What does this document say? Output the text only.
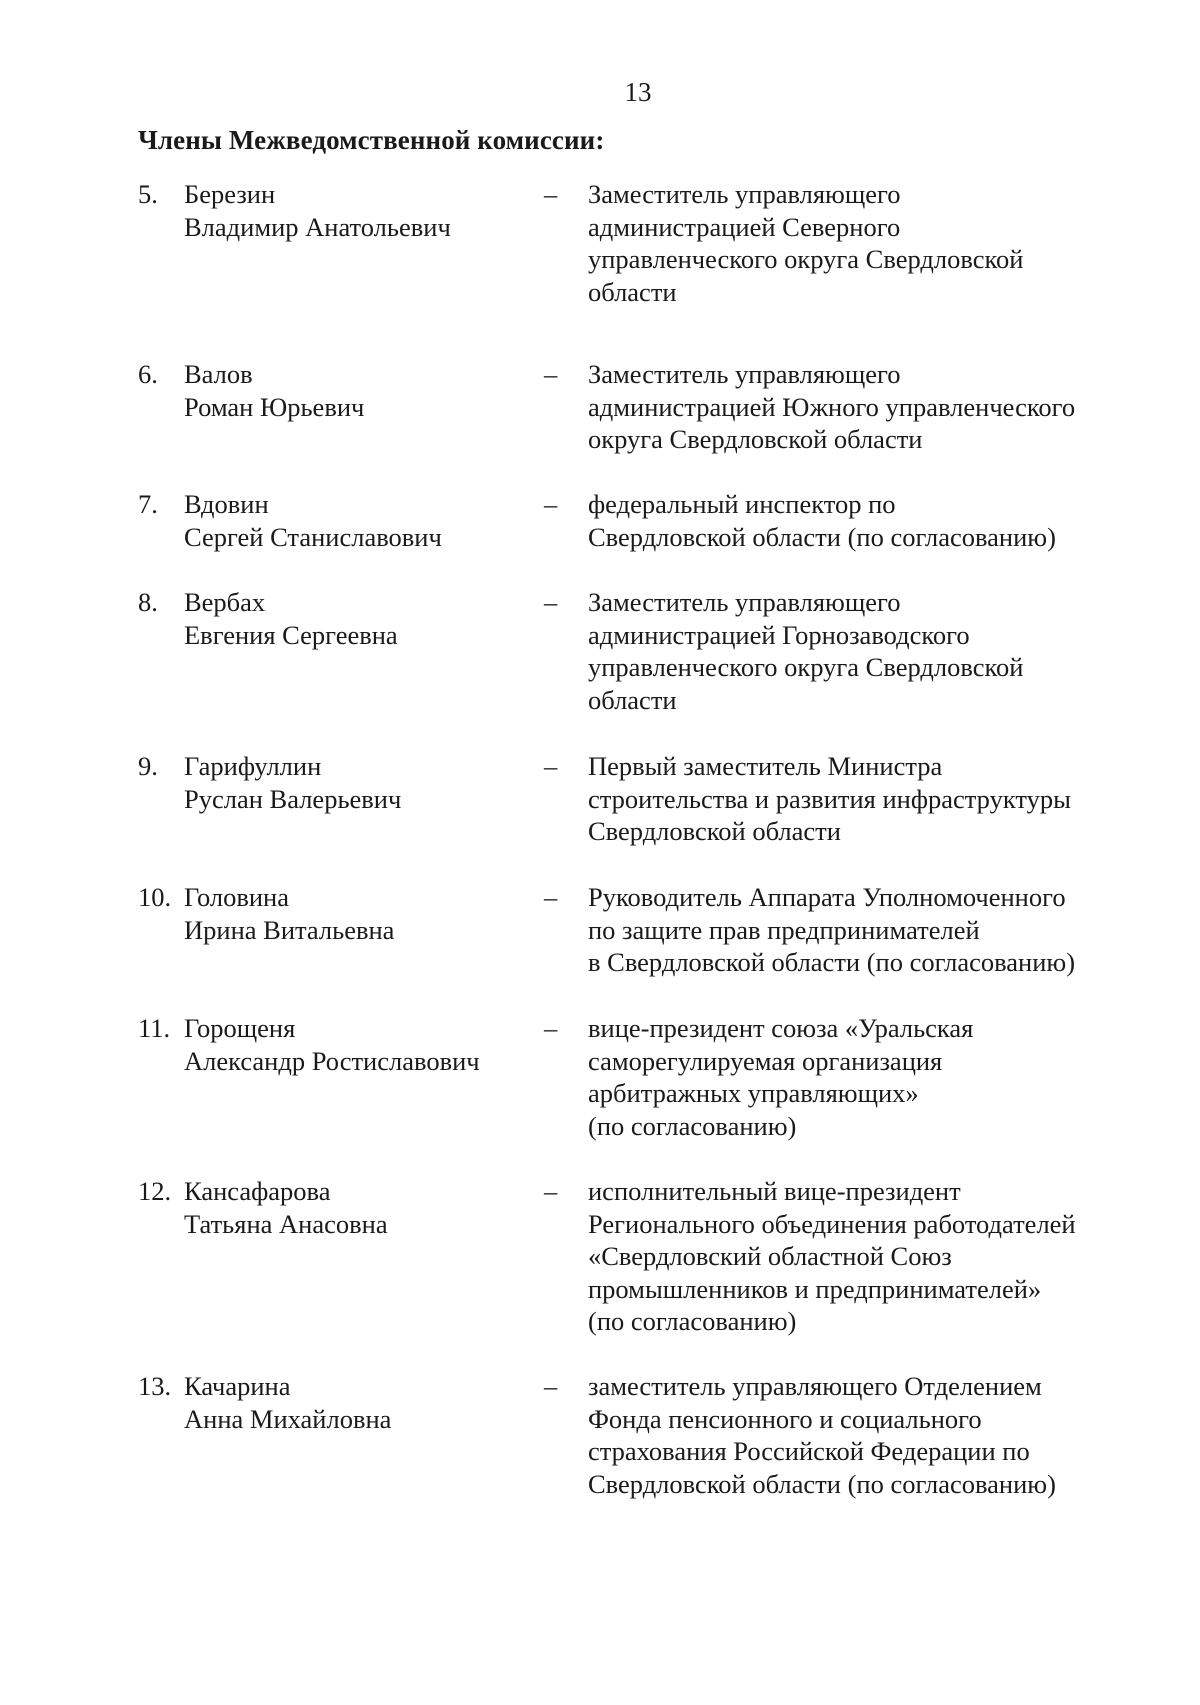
13
Члены Межведомственной комиссии:
5. Березин
Владимир Анатольевич
– Заместитель управляющего
администрацией Северного
управленческого округа Свердловской
области
6. Валов
Роман Юрьевич
– Заместитель управляющего
администрацией Южного управленческого
округа Свердловской области
7. Вдовин
Сергей Станиславович
– федеральный инспектор по
Свердловской области (по согласованию)
8. Вербах
Евгения Сергеевна
– Заместитель управляющего
администрацией Горнозаводского
управленческого округа Свердловской
области
9. Гарифуллин
Руслан Валерьевич
– Первый заместитель Министра
строительства и развития инфраструктуры
Свердловской области
10. Головина
Ирина Витальевна
– Руководитель Аппарата Уполномоченного
по защите прав предпринимателей
в Свердловской области (по согласованию)
11. Горощеня
Александр Ростиславович
– вице-президент союза «Уральская
саморегулируемая организация
арбитражных управляющих»
(по согласованию)
12. Кансафарова
Татьяна Анасовна
– исполнительный вице-президент
Регионального объединения работодателей
«Свердловский областной Союз
промышленников и предпринимателей»
(по согласованию)
13. Качарина
Анна Михайловна
– заместитель управляющего Отделением
Фонда пенсионного и социального
страхования Российской Федерации по
Свердловской области (по согласованию)
